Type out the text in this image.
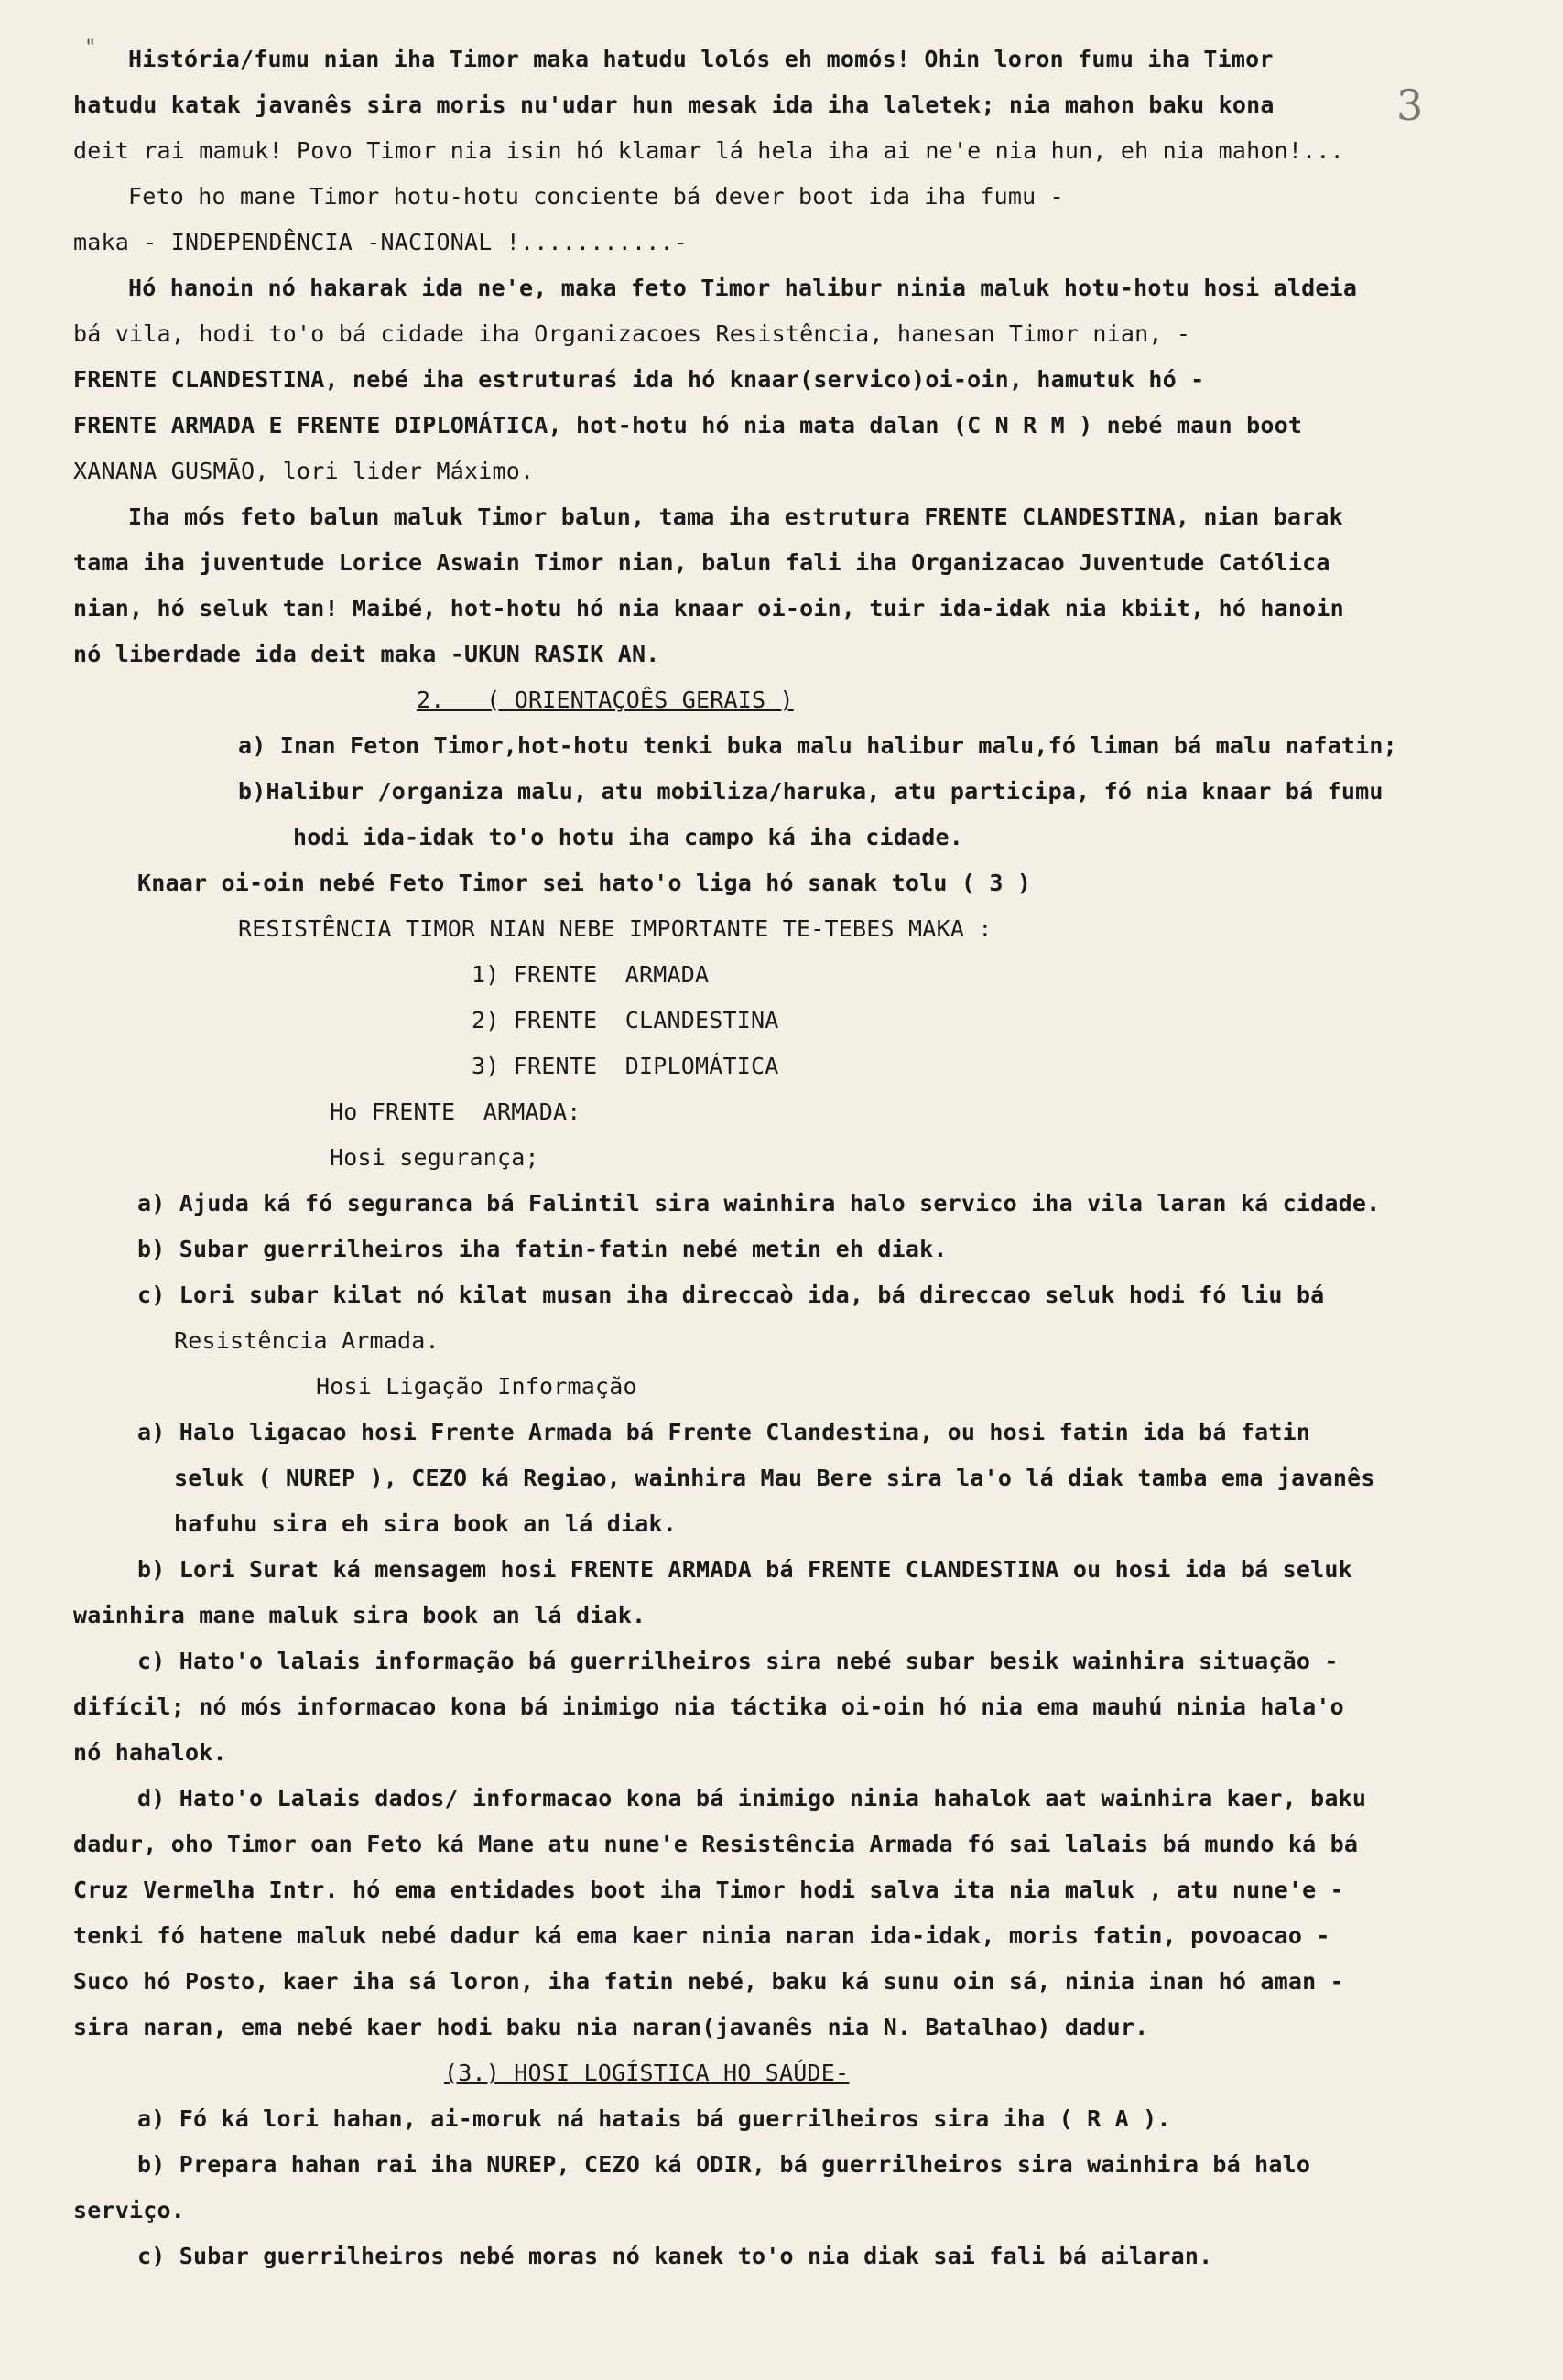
"
3
História/fumu nian iha Timor maka hatudu lolós eh momós! Ohin loron fumu iha Timor
hatudu katak javanês sira moris nu'udar hun mesak ida iha laletek; nia mahon baku kona
deit rai mamuk! Povo Timor nia isin hó klamar lá hela iha ai ne'e nia hun, eh nia mahon!...
Feto ho mane Timor hotu-hotu conciente bá dever boot ida iha fumu -
maka - INDEPENDÊNCIA -NACIONAL !...........-
Hó hanoin nó hakarak ida ne'e, maka feto Timor halibur ninia maluk hotu-hotu hosi aldeia
bá vila, hodi to'o bá cidade iha Organizacoes Resistência, hanesan Timor nian, -
FRENTE CLANDESTINA, nebé iha estruturaś ida hó knaar(servico)oi-oin, hamutuk hó -
FRENTE ARMADA E FRENTE DIPLOMÁTICA, hot-hotu hó nia mata dalan (C N R M ) nebé maun boot
XANANA GUSMÃO, lori lider Máximo.
Iha mós feto balun maluk Timor balun, tama iha estrutura FRENTE CLANDESTINA, nian barak
tama iha juventude Lorice Aswain Timor nian, balun fali iha Organizacao Juventude Católica
nian, hó seluk tan! Maibé, hot-hotu hó nia knaar oi-oin, tuir ida-idak nia kbiit, hó hanoin
nó liberdade ida deit maka -UKUN RASIK AN.
2.   ( ORIENTAÇOÊS GERAIS )
a) Inan Feton Timor,hot-hotu tenki buka malu halibur malu,fó liman bá malu nafatin;
b)Halibur /organiza malu, atu mobiliza/haruka, atu participa, fó nia knaar bá fumu
hodi ida-idak to'o hotu iha campo ká iha cidade.
Knaar oi-oin nebé Feto Timor sei hato'o liga hó sanak tolu ( 3 )
RESISTÊNCIA TIMOR NIAN NEBE IMPORTANTE TE-TEBES MAKA :
1) FRENTE  ARMADA
2) FRENTE  CLANDESTINA
3) FRENTE  DIPLOMÁTICA
Ho FRENTE  ARMADA:
Hosi segurança;
a) Ajuda ká fó seguranca bá Falintil sira wainhira halo servico iha vila laran ká cidade.
b) Subar guerrilheiros iha fatin-fatin nebé metin eh diak.
c) Lori subar kilat nó kilat musan iha direccaò ida, bá direccao seluk hodi fó liu bá
Resistência Armada.
Hosi Ligação Informação
a) Halo ligacao hosi Frente Armada bá Frente Clandestina, ou hosi fatin ida bá fatin
seluk ( NUREP ), CEZO ká Regiao, wainhira Mau Bere sira la'o lá diak tamba ema javanês
hafuhu sira eh sira book an lá diak.
b) Lori Surat ká mensagem hosi FRENTE ARMADA bá FRENTE CLANDESTINA ou hosi ida bá seluk
wainhira mane maluk sira book an lá diak.
c) Hato'o lalais informação bá guerrilheiros sira nebé subar besik wainhira situação -
difícil; nó mós informacao kona bá inimigo nia táctika oi-oin hó nia ema mauhú ninia hala'o
nó hahalok.
d) Hato'o Lalais dados/ informacao kona bá inimigo ninia hahalok aat wainhira kaer, baku
dadur, oho Timor oan Feto ká Mane atu nune'e Resistência Armada fó sai lalais bá mundo ká bá
Cruz Vermelha Intr. hó ema entidades boot iha Timor hodi salva ita nia maluk , atu nune'e -
tenki fó hatene maluk nebé dadur ká ema kaer ninia naran ida-idak, moris fatin, povoacao -
Suco hó Posto, kaer iha sá loron, iha fatin nebé, baku ká sunu oin sá, ninia inan hó aman -
sira naran, ema nebé kaer hodi baku nia naran(javanês nia N. Batalhao) dadur.
(3.) HOSI LOGÍSTICA HO SAÚDE-
a) Fó ká lori hahan, ai-moruk ná hatais bá guerrilheiros sira iha ( R A ).
b) Prepara hahan rai iha NUREP, CEZO ká ODIR, bá guerrilheiros sira wainhira bá halo
serviço.
c) Subar guerrilheiros nebé moras nó kanek to'o nia diak sai fali bá ailaran.
